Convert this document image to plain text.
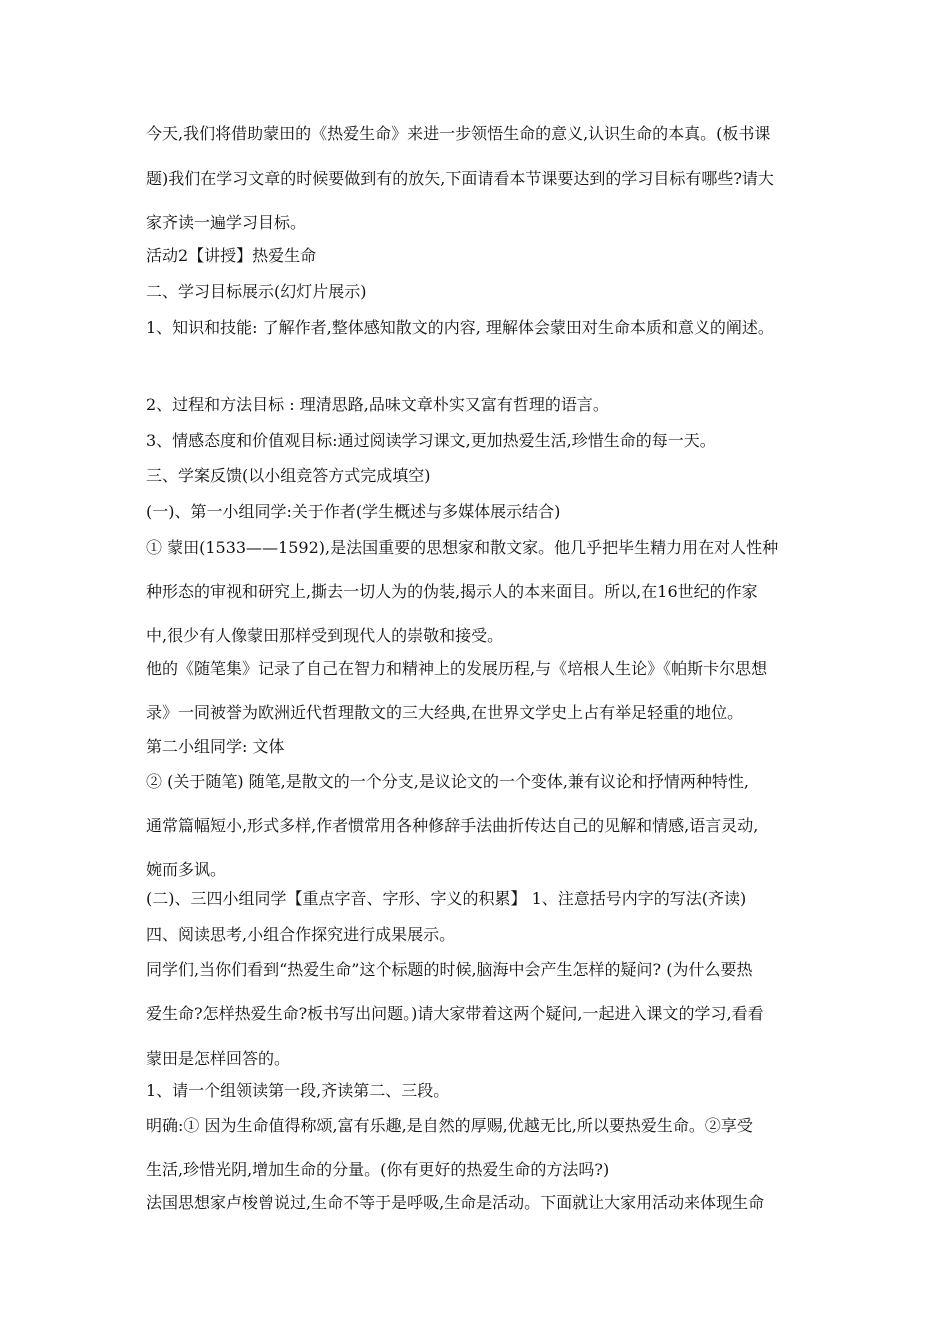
今天,我们将借助蒙田的《热爱生命》来进一步领悟生命的意义,认识生命的本真。(板书课
题)我们在学习文章的时候要做到有的放矢,下面请看本节课要达到的学习目标有哪些?请大
家齐读一遍学习目标。
活动2【讲授】热爱生命
二、学习目标展示(幻灯片展示)
1、知识和技能: 了解作者,整体感知散文的内容, 理解体会蒙田对生命本质和意义的阐述。
2、过程和方法目标 : 理清思路,品味文章朴实又富有哲理的语言。
3、情感态度和价值观目标:通过阅读学习课文,更加热爱生活,珍惜生命的每一天。
三、学案反馈(以小组竞答方式完成填空)
(一)、第一小组同学:关于作者(学生概述与多媒体展示结合)
① 蒙田(1533——1592),是法国重要的思想家和散文家。他几乎把毕生精力用在对人性种
种形态的审视和研究上,撕去一切人为的伪装,揭示人的本来面目。所以,在16世纪的作家
中,很少有人像蒙田那样受到现代人的崇敬和接受。
他的《随笔集》记录了自己在智力和精神上的发展历程,与《培根人生论》《帕斯卡尔思想
录》一同被誉为欧洲近代哲理散文的三大经典,在世界文学史上占有举足轻重的地位。
第二小组同学: 文体
② (关于随笔) 随笔,是散文的一个分支,是议论文的一个变体,兼有议论和抒情两种特性,
通常篇幅短小,形式多样,作者惯常用各种修辞手法曲折传达自己的见解和情感,语言灵动,
婉而多讽。
(二)、三四小组同学【重点字音、字形、字义的积累】 1、注意括号内字的写法(齐读)
四、阅读思考,小组合作探究进行成果展示。
同学们,当你们看到“热爱生命”这个标题的时候,脑海中会产生怎样的疑问? (为什么要热
爱生命?怎样热爱生命?板书写出问题。)请大家带着这两个疑问,一起进入课文的学习,看看
蒙田是怎样回答的。
1、请一个组领读第一段,齐读第二、三段。
明确:① 因为生命值得称颂,富有乐趣,是自然的厚赐,优越无比,所以要热爱生命。②享受
生活,珍惜光阴,增加生命的分量。(你有更好的热爱生命的方法吗?)
法国思想家卢梭曾说过,生命不等于是呼吸,生命是活动。下面就让大家用活动来体现生命
